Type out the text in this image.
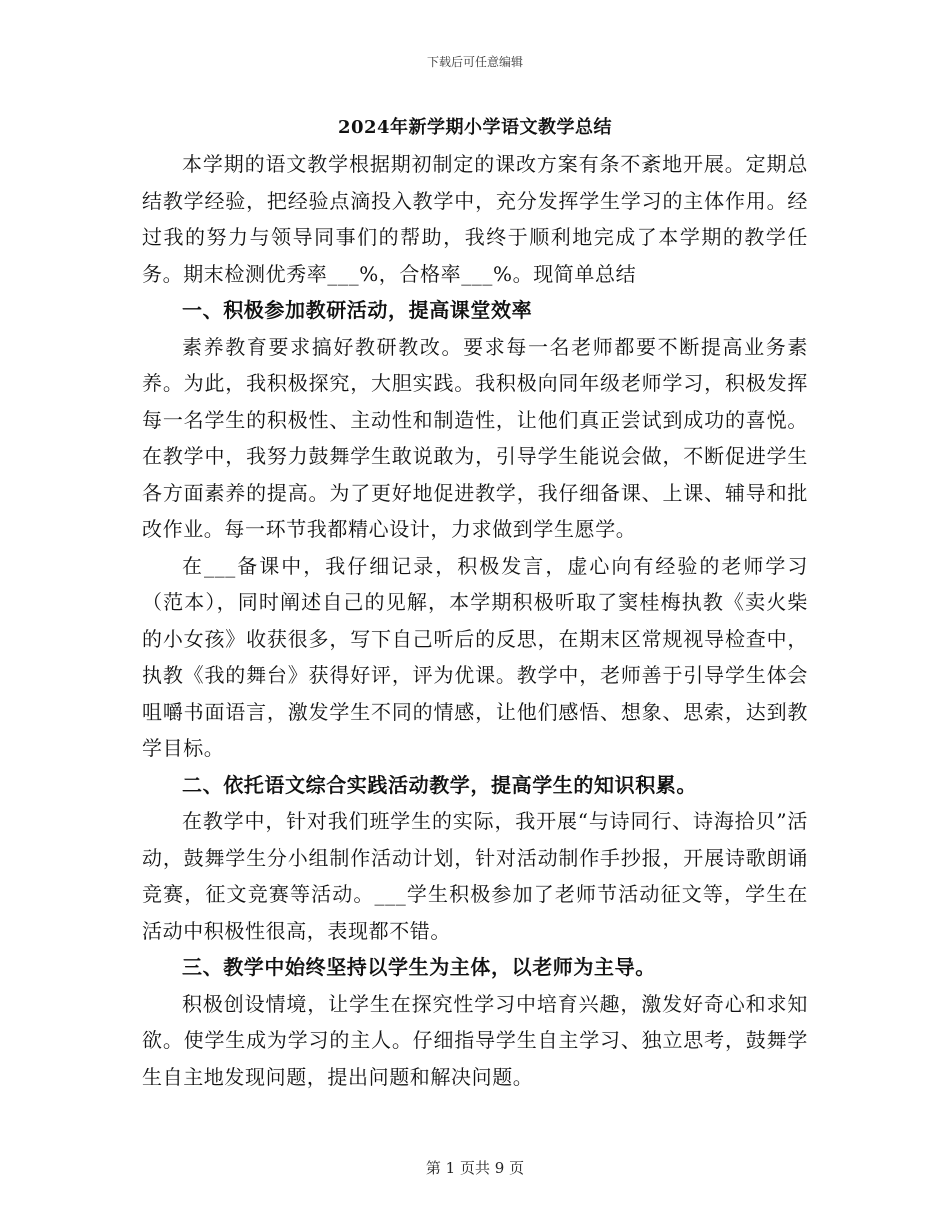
下载后可任意编辑
2024年新学期小学语文教学总结

本学期的语文教学根据期初制定的课改方案有条不紊地开展。定期总结教学经验，把经验点滴投入教学中，充分发挥学生学习的主体作用。经过我的努力与领导同事们的帮助，我终于顺利地完成了本学期的教学任务。期末检测优秀率___%，合格率___%。现简单总结

一、积极参加教研活动，提高课堂效率

素养教育要求搞好教研教改。要求每一名老师都要不断提高业务素养。为此，我积极探究，大胆实践。我积极向同年级老师学习，积极发挥每一名学生的积极性、主动性和制造性，让他们真正尝试到成功的喜悦。在教学中，我努力鼓舞学生敢说敢为，引导学生能说会做，不断促进学生各方面素养的提高。为了更好地促进教学，我仔细备课、上课、辅导和批改作业。每一环节我都精心设计，力求做到学生愿学。

在___备课中，我仔细记录，积极发言，虚心向有经验的老师学习（范本），同时阐述自己的见解，本学期积极听取了窦桂梅执教《卖火柴的小女孩》收获很多，写下自己听后的反思，在期末区常规视导检查中，执教《我的舞台》获得好评，评为优课。教学中，老师善于引导学生体会咀嚼书面语言，激发学生不同的情感，让他们感悟、想象、思索，达到教学目标。

二、依托语文综合实践活动教学，提高学生的知识积累。

在教学中，针对我们班学生的实际，我开展“与诗同行、诗海拾贝”活动，鼓舞学生分小组制作活动计划，针对活动制作手抄报，开展诗歌朗诵竞赛，征文竞赛等活动。___学生积极参加了老师节活动征文等，学生在活动中积极性很高，表现都不错。

三、教学中始终坚持以学生为主体，以老师为主导。

积极创设情境，让学生在探究性学习中培育兴趣，激发好奇心和求知欲。使学生成为学习的主人。仔细指导学生自主学习、独立思考，鼓舞学生自主地发现问题，提出问题和解决问题。

第 1 页共 9 页
